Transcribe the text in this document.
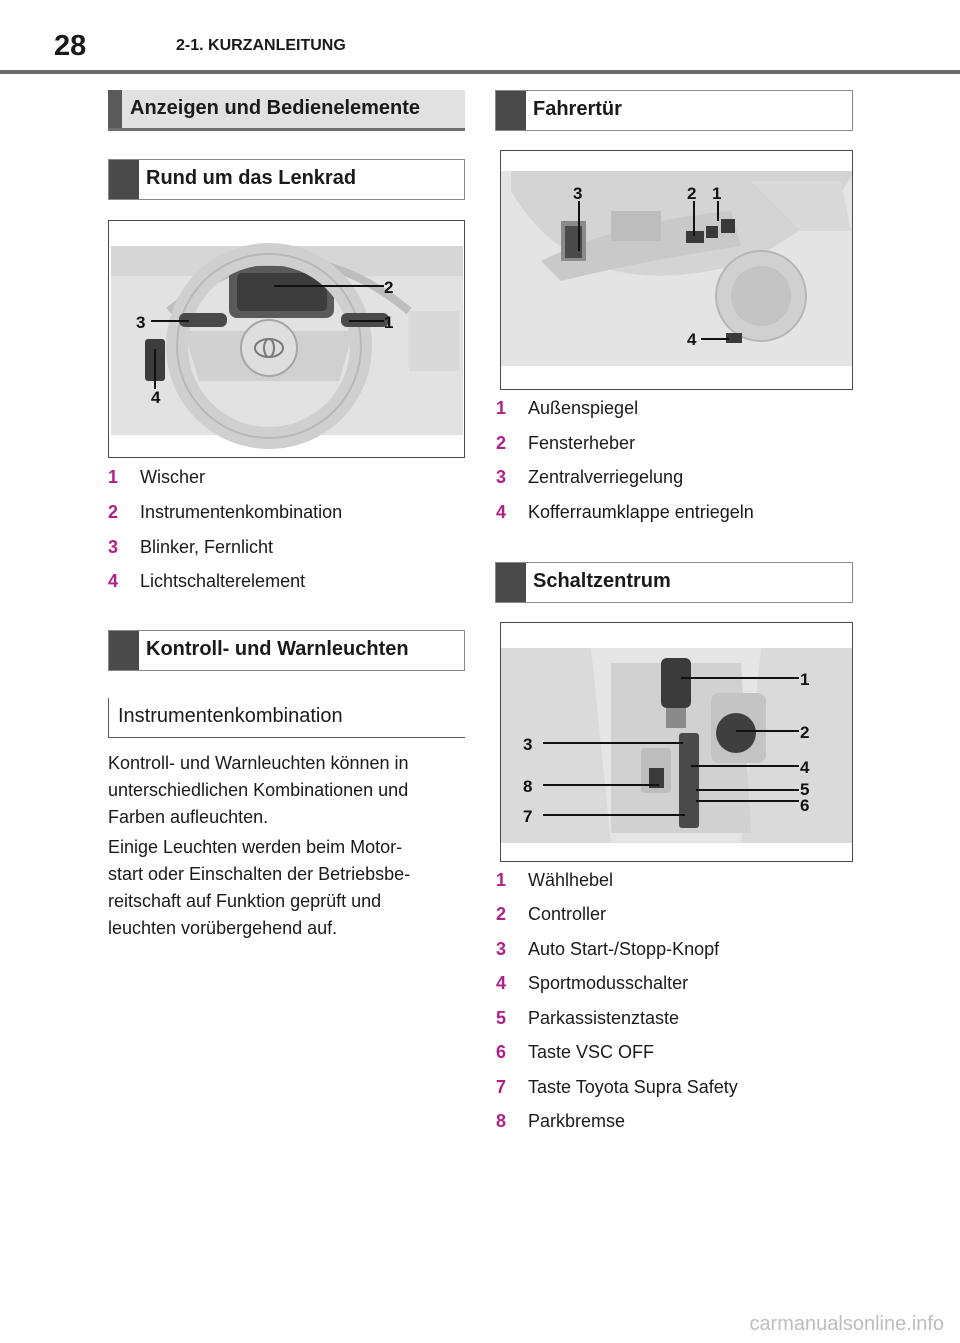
28	2-1. KURZANLEITUNG
Anzeigen und Bedienelemente
Rund um das Lenkrad
2
1
3
4
1 Wischer
2 Instrumentenkombination
3 Blinker, Fernlicht
4 Lichtschalterelement
Kontroll- und Warnleuchten
Instrumentenkombination
Kontroll- und Warnleuchten können in
unterschiedlichen Kombinationen und
Farben aufleuchten.
Einige Leuchten werden beim Motor-
start oder Einschalten der Betriebsbe-
reitschaft auf Funktion geprüft und
leuchten vorübergehend auf.
Fahrertür
3	2 1
4
1 Außenspiegel
2 Fensterheber
3 Zentralverriegelung
4 Kofferraumklappe entriegeln
Schaltzentrum
1
2
3
4
5
6
7
8
1 Wählhebel
2 Controller
3 Auto Start-/Stopp-Knopf
4 Sportmodusschalter
5 Parkassistenztaste
6 Taste VSC OFF
7 Taste Toyota Supra Safety
8 Parkbremse
carmanualsonline.info
